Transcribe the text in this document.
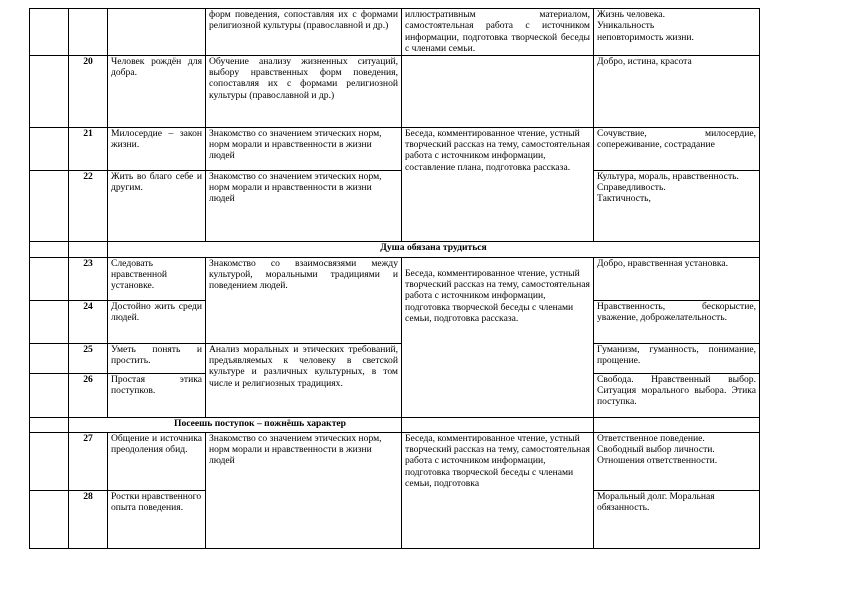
			форм поведения, сопоставляя их с формами религиозной культуры (православной и др.)	иллюстративным материалом, самостоятельная работа с источником информации, подготовка творческой беседы с членами семьи.	Жизнь человека.
Уникальность
неповторимость жизни.
	20	Человек рождён для добра.	Обучение анализу жизненных ситуаций, выбору нравственных форм поведения, сопоставляя их с формами религиозной культуры (православной и др.)		Добро, истина, красота
	21	Милосердие – закон жизни.	Знакомство со значением этических норм, норм морали и нравственности в жизни людей	Беседа, комментированное чтение, устный творческий рассказ на тему, самостоятельная работа с источником информации, составление плана, подготовка рассказа.	Сочувствие, милосердие, сопереживание, сострадание
	22	Жить во благо себе и другим.	Знакомство со значением этических норм, норм морали и нравственности в жизни людей		Культура, мораль, нравственность.
Справедливость.
Тактичность,
		Душа обязана трудиться			
	23	Следовать нравственной установке.	Знакомство со взаимосвязями между культурой, моральными традициями и поведением людей.	Беседа, комментированное чтение, устный творческий рассказ на тему, самостоятельная работа с источником информации, подготовка творческой беседы с членами семьи, подготовка рассказа.	Добро, нравственная установка.
	24	Достойно жить среди людей.			Нравственность, бескорыстие, уважение, доброжелательность.
	25	Уметь понять и простить.	Анализ моральных и этических требований, предъявляемых к человеку в светской культуре и различных культурных, в том числе и религиозных традициях.		Гуманизм, гуманность, понимание, прощение.
	26	Простая этика поступков.			Свобода. Нравственный выбор. Ситуация морального выбора. Этика поступка.
	Посеешь поступок – пожнёшь характер				
	27	Общение и источника преодоления обид.	Знакомство со значением этических норм, норм морали и нравственности в жизни людей	Беседа, комментированное чтение, устный творческий рассказ на тему, самостоятельная работа с источником информации, подготовка творческой беседы с членами семьи, подготовка	Ответственное поведение.
Свободный выбор личности.
Отношения ответственности.
	28	Ростки нравственного опыта поведения.			Моральный долг. Моральная обязанность.
